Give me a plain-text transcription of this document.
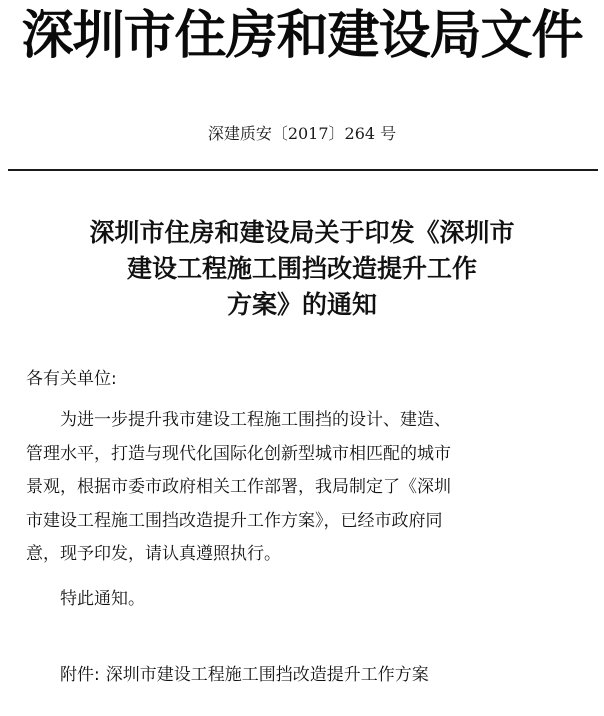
深圳市住房和建设局文件
深建质安〔2017〕264 号
深圳市住房和建设局关于印发《深圳市
建设工程施工围挡改造提升工作
方案》的通知
各有关单位:
为进一步提升我市建设工程施工围挡的设计、建造、
管理水平，打造与现代化国际化创新型城市相匹配的城市
景观，根据市委市政府相关工作部署，我局制定了《深圳
市建设工程施工围挡改造提升工作方案》，已经市政府同
意，现予印发，请认真遵照执行。
特此通知。
附件: 深圳市建设工程施工围挡改造提升工作方案
